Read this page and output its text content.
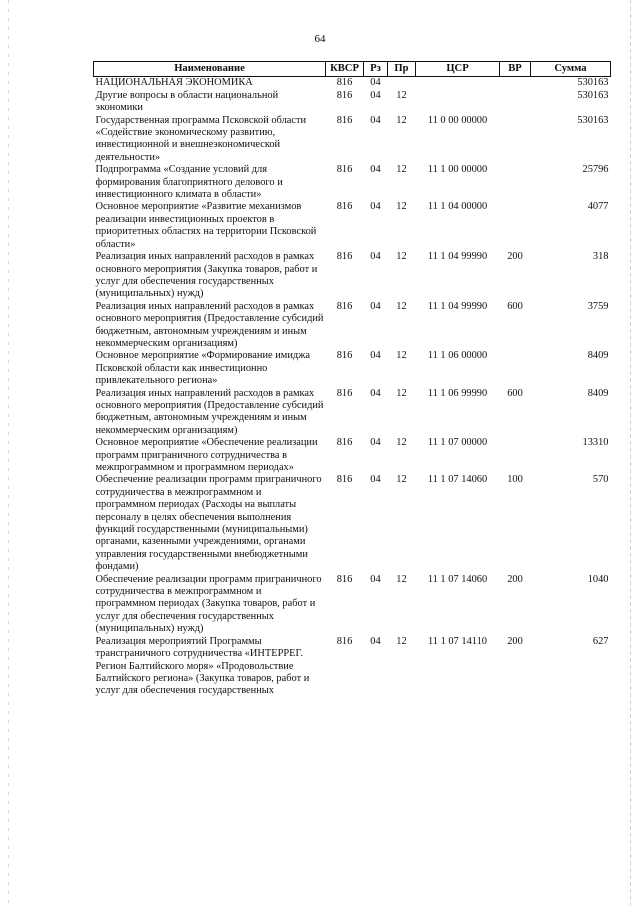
64
Наименование	КВСР	Рз	Пр	ЦСР	ВР	Сумма
НАЦИОНАЛЬНАЯ ЭКОНОМИКА	816	04				530163
Другие вопросы в области национальной экономики	816	04	12			530163
Государственная программа Псковской области «Содействие экономическому развитию, инвестиционной и внешнеэкономической деятельности»	816	04	12	11 0 00 00000		530163
Подпрограмма «Создание условий для формирования благоприятного делового и инвестиционного климата в области»	816	04	12	11 1 00 00000		25796
Основное мероприятие «Развитие механизмов реализации инвестиционных проектов в приоритетных областях на территории Псковской области»	816	04	12	11 1 04 00000		4077
Реализация иных направлений расходов в рамках основного мероприятия (Закупка товаров, работ и услуг для обеспечения государственных (муниципальных) нужд)	816	04	12	11 1 04 99990	200	318
Реализация иных направлений расходов в рамках основного мероприятия (Предоставление субсидий бюджетным, автономным учреждениям и иным некоммерческим организациям)	816	04	12	11 1 04 99990	600	3759
Основное мероприятие «Формирование имиджа Псковской области как инвестиционно привлекательного региона»	816	04	12	11 1 06 00000		8409
Реализация иных направлений расходов в рамках основного мероприятия (Предоставление субсидий бюджетным, автономным учреждениям и иным некоммерческим организациям)	816	04	12	11 1 06 99990	600	8409
Основное мероприятие «Обеспечение реализации программ приграничного сотрудничества в межпрограммном и программном периодах»	816	04	12	11 1 07 00000		13310
Обеспечение реализации программ приграничного сотрудничества в межпрограммном и программном периодах (Расходы на выплаты персоналу в целях обеспечения выполнения функций государственными (муниципальными) органами, казенными учреждениями, органами управления государственными внебюджетными фондами)	816	04	12	11 1 07 14060	100	570
Обеспечение реализации программ приграничного сотрудничества в межпрограммном и программном периодах (Закупка товаров, работ и услуг для обеспечения государственных (муниципальных) нужд)	816	04	12	11 1 07 14060	200	1040
Реализация мероприятий Программы трансграничного сотрудничества «ИНТЕРРЕГ. Регион Балтийского моря» «Продовольствие Балтийского региона» (Закупка товаров, работ и услуг для обеспечения государственных	816	04	12	11 1 07 14110	200	627
